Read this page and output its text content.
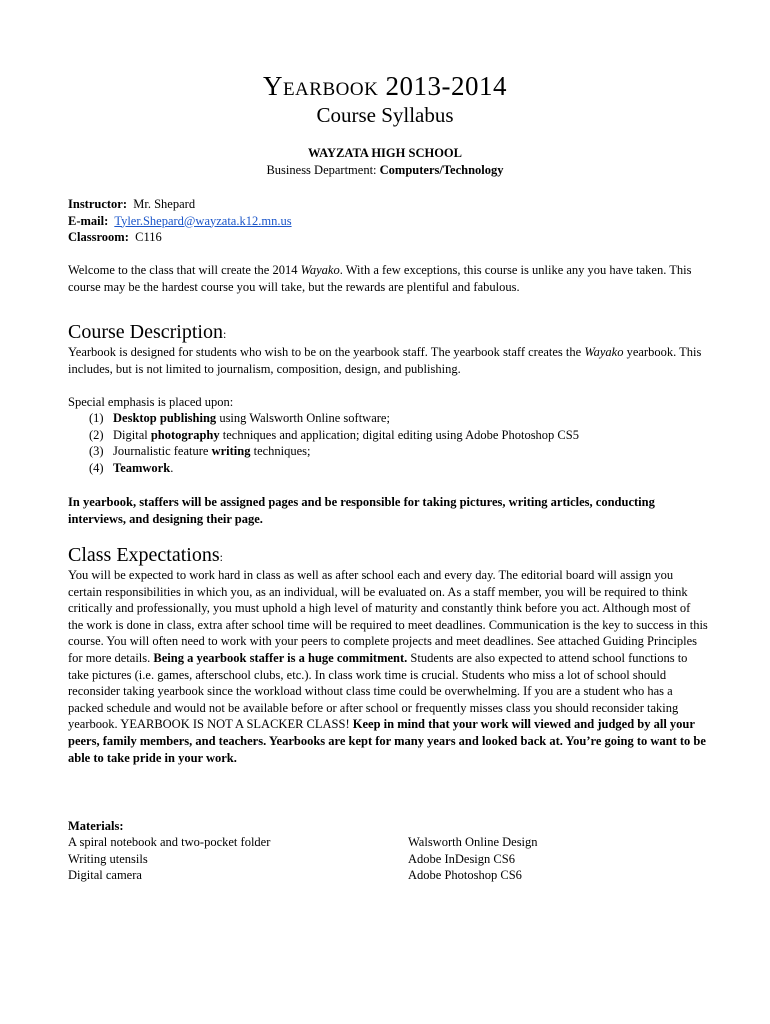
Yearbook 2013-2014
Course Syllabus
WAYZATA HIGH SCHOOL
Business Department: Computers/Technology
Instructor: Mr. Shepard
E-mail: Tyler.Shepard@wayzata.k12.mn.us
Classroom: C116
Welcome to the class that will create the 2014 Wayako. With a few exceptions, this course is unlike any you have taken. This course may be the hardest course you will take, but the rewards are plentiful and fabulous.
Course Description:
Yearbook is designed for students who wish to be on the yearbook staff. The yearbook staff creates the Wayako yearbook. This includes, but is not limited to journalism, composition, design, and publishing.
Special emphasis is placed upon:
(1) Desktop publishing using Walsworth Online software;
(2) Digital photography techniques and application; digital editing using Adobe Photoshop CS5
(3) Journalistic feature writing techniques;
(4) Teamwork.
In yearbook, staffers will be assigned pages and be responsible for taking pictures, writing articles, conducting interviews, and designing their page.
Class Expectations:
You will be expected to work hard in class as well as after school each and every day. The editorial board will assign you certain responsibilities in which you, as an individual, will be evaluated on. As a staff member, you will be required to think critically and professionally, you must uphold a high level of maturity and constantly think before you act. Although most of the work is done in class, extra after school time will be required to meet deadlines. Communication is the key to success in this course. You will often need to work with your peers to complete projects and meet deadlines. See attached Guiding Principles for more details. Being a yearbook staffer is a huge commitment. Students are also expected to attend school functions to take pictures (i.e. games, afterschool clubs, etc.). In class work time is crucial. Students who miss a lot of school should reconsider taking yearbook since the workload without class time could be overwhelming. If you are a student who has a packed schedule and would not be available before or after school or frequently misses class you should reconsider taking yearbook. YEARBOOK IS NOT A SLACKER CLASS! Keep in mind that your work will viewed and judged by all your peers, family members, and teachers. Yearbooks are kept for many years and looked back at. You’re going to want to be able to take pride in your work.
Materials:
A spiral notebook and two-pocket folder
Writing utensils
Digital camera
Walsworth Online Design
Adobe InDesign CS6
Adobe Photoshop CS6
